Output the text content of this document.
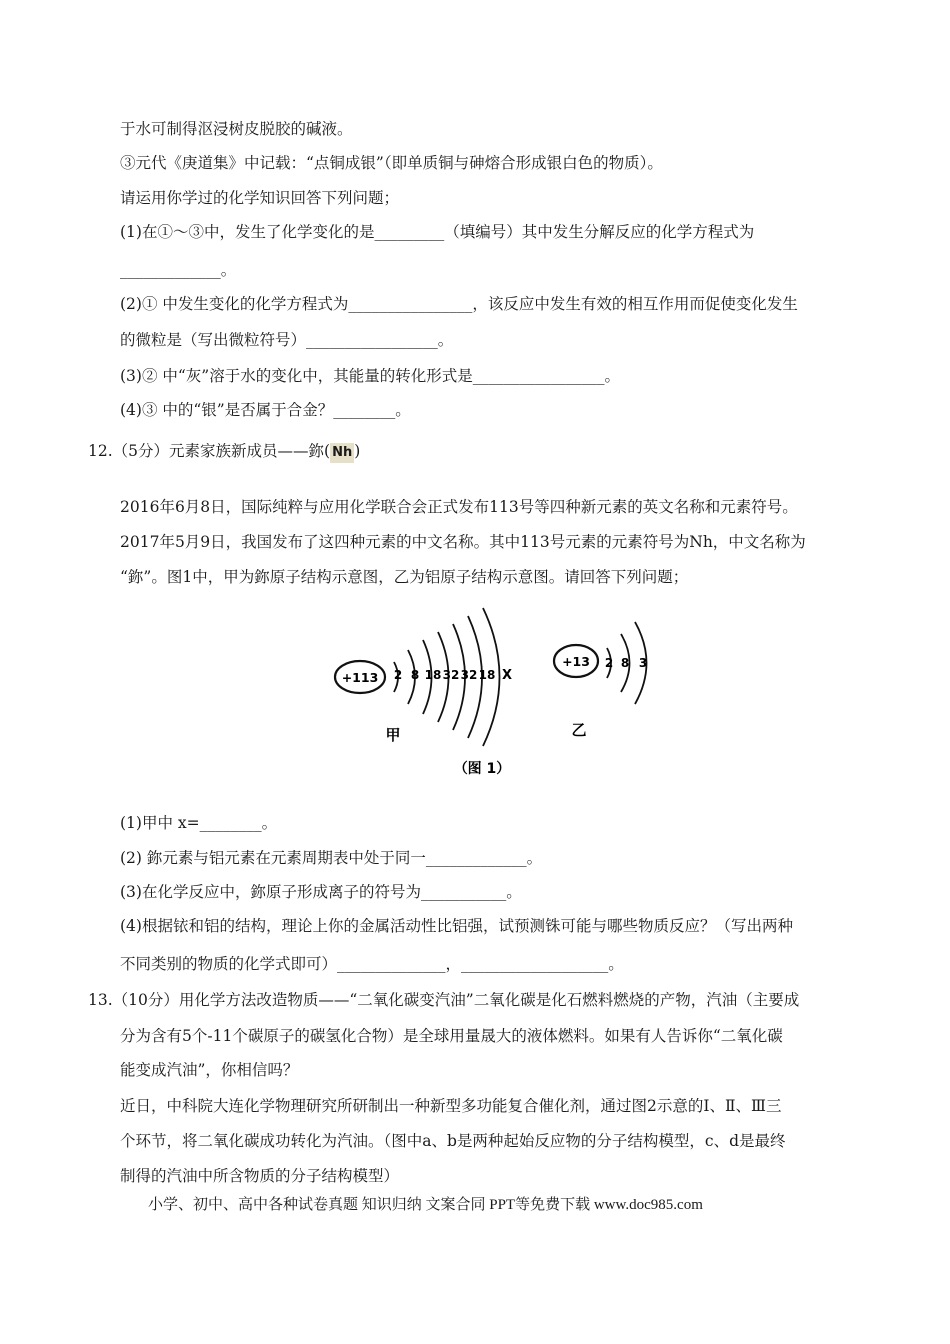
于水可制得沤浸树皮脱胶的碱液。
③元代《庚道集》中记载：“点铜成银”（即单质铜与砷熔合形成银白色的物质）。
请运用你学过的化学知识回答下列问题；
(1)在①～③中，发生了化学变化的是_________（填编号）其中发生分解反应的化学方程式为
_____________。
(2)① 中发生变化的化学方程式为________________，该反应中发生有效的相互作用而促使变化发生
的微粒是（写出微粒符号）_________________。
(3)② 中“灰”溶于水的变化中，其能量的转化形式是_________________。
(4)③ 中的“银”是否属于合金？________。
12.（5分）元素家族新成员——鉨( Nh )
2016年6月8日，国际纯粹与应用化学联合会正式发布113号等四种新元素的英文名称和元素符号。
2017年5月9日，我国发布了这四种元素的中文名称。其中113号元素的元素符号为Nh，中文名称为
“鉨”。图1中，甲为鉨原子结构示意图，乙为铝原子结构示意图。请回答下列问题；
+113 2 8 18 32 32 18 X
甲
+13 2 8 3
乙
（图 1）
(1)甲中 x=________。
(2) 鉨元素与铝元素在元素周期表中处于同一_____________。
(3)在化学反应中，鉨原子形成离子的符号为___________。
(4)根据铱和铝的结构，理论上你的金属活动性比铝强，试预测铢可能与哪些物质反应？（写出两种
不同类别的物质的化学式即可）______________，___________________。
13.（10分）用化学方法改造物质——“二氧化碳变汽油”二氧化碳是化石燃料燃烧的产物，汽油（主要成
分为含有5个-11个碳原子的碳氢化合物）是全球用量晟大的液体燃料。如果有人告诉你“二氧化碳
能变成汽油”，你相信吗？
近日，中科院大连化学物理研究所研制出一种新型多功能复合催化剂，通过图2示意的Ⅰ、Ⅱ、Ⅲ三
个环节，将二氧化碳成功转化为汽油。（图中a、b是两种起始反应物的分子结构模型，c、d是最终
制得的汽油中所含物质的分子结构模型）
小学、初中、高中各种试卷真题 知识归纳 文案合同 PPT等免费下载 www.doc985.com
